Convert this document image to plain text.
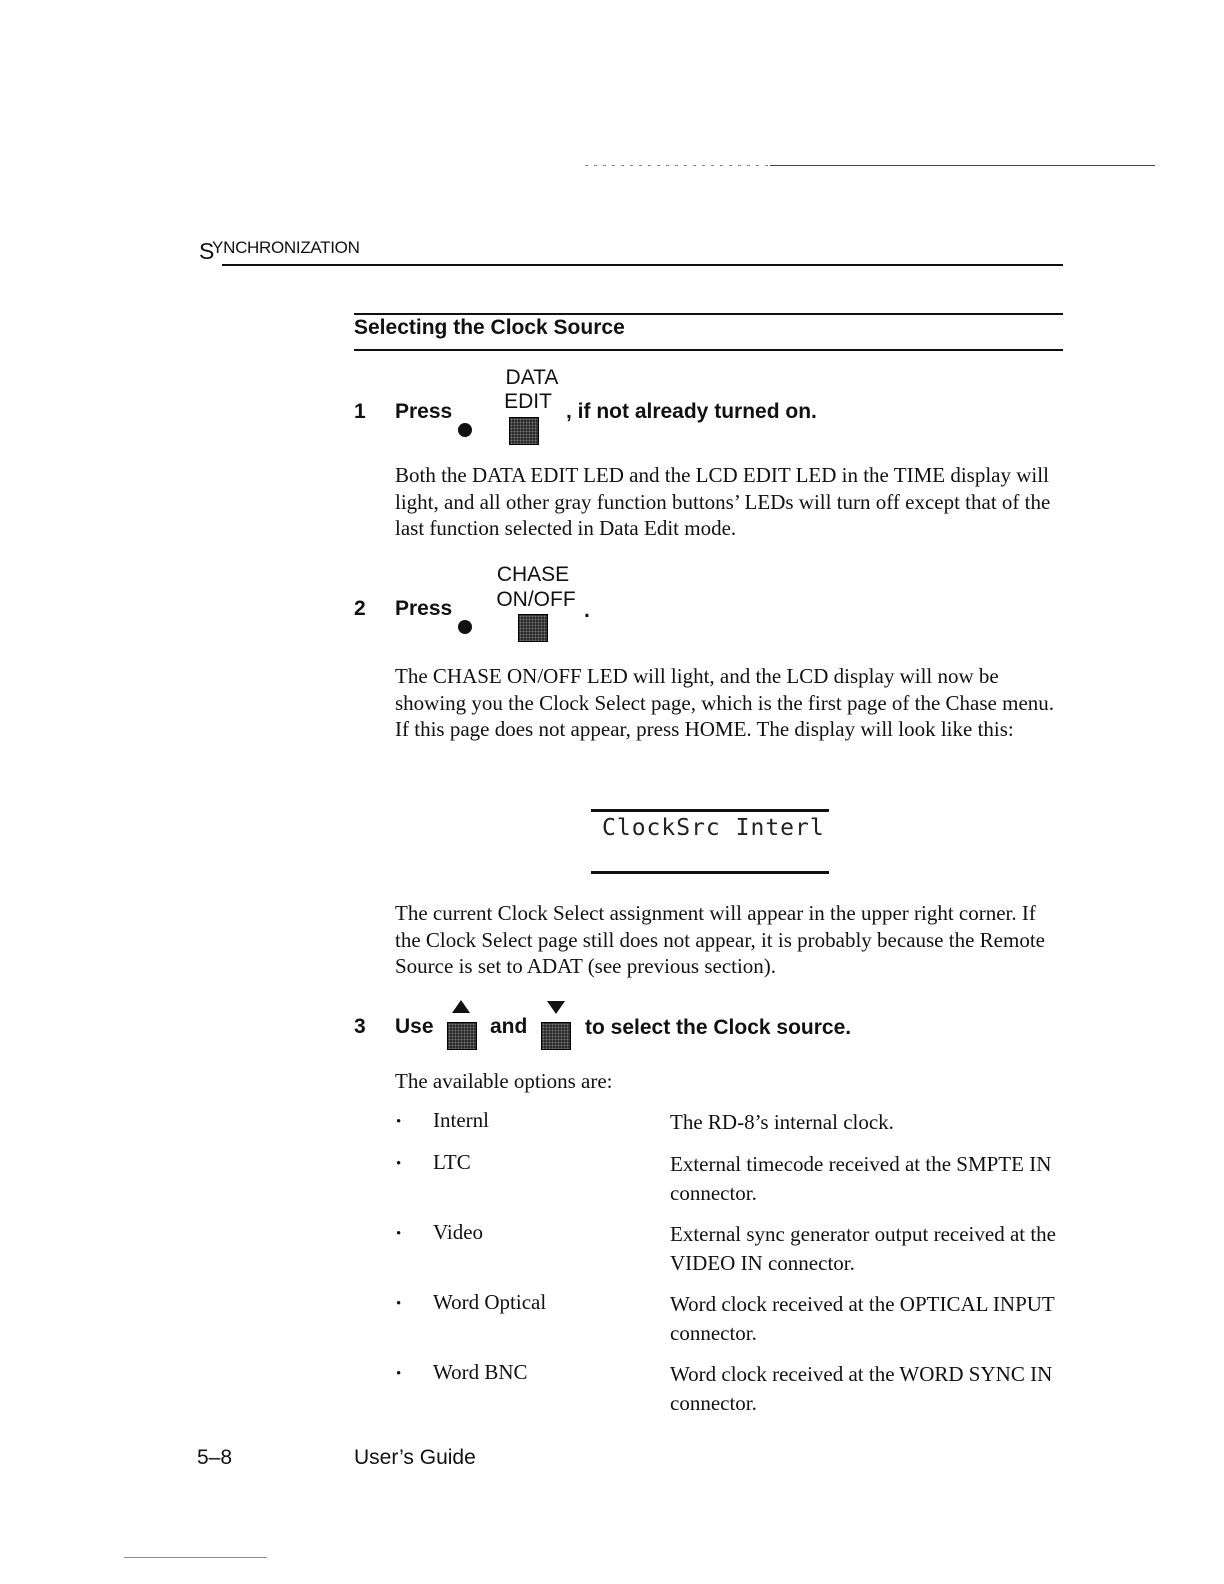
SYNCHRONIZATION
Selecting the Clock Source
1 Press
DATA
EDIT , if not already turned on.
Both the DATA EDIT LED and the LCD EDIT LED in the TIME display will light, and all other gray function buttons’ LEDs will turn off except that of the last function selected in Data Edit mode.
2 Press
CHASE
ON/OFF .
The CHASE ON/OFF LED will light, and the LCD display will now be showing you the Clock Select page, which is the first page of the Chase menu. If this page does not appear, press HOME. The display will look like this:
ClockSrc Interl
The current Clock Select assignment will appear in the upper right corner. If the Clock Select page still does not appear, it is probably because the Remote Source is set to ADAT (see previous section).
3 Use	and	to select the Clock source.
The available options are:
• Internl	The RD-8’s internal clock.
• LTC	External timecode received at the SMPTE IN connector.
• Video	External sync generator output received at the VIDEO IN connector.
• Word Optical	Word clock received at the OPTICAL INPUT connector.
• Word BNC	Word clock received at the WORD SYNC IN connector.
5–8	User’s Guide
